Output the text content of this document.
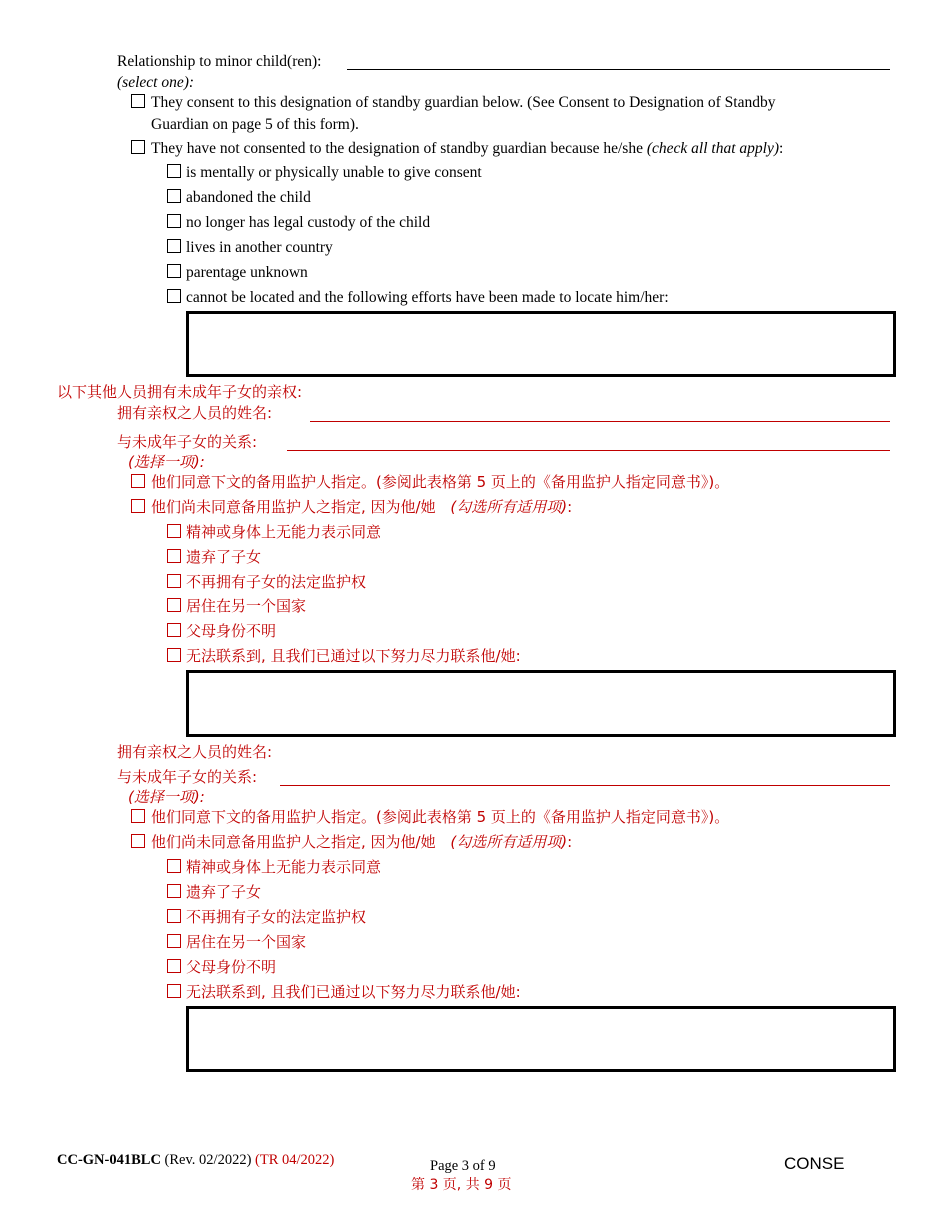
Relationship to minor child(ren):
(select one):
They consent to this designation of standby guardian below. (See Consent to Designation of Standby
Guardian on page 5 of this form).
They have not consented to the designation of standby guardian because he/she (check all that apply):
is mentally or physically unable to give consent
abandoned the child
no longer has legal custody of the child
lives in another country
parentage unknown
cannot be located and the following efforts have been made to locate him/her:
以下其他人员拥有未成年子女的亲权:
拥有亲权之人员的姓名:
与未成年子女的关系:
(选择一项):
他们同意下文的备用监护人指定。(参阅此表格第 5 页上的《备用监护人指定同意书》)。
他们尚未同意备用监护人之指定, 因为他/她 (勾选所有适用项):
精神或身体上无能力表示同意
遗弃了子女
不再拥有子女的法定监护权
居住在另一个国家
父母身份不明
无法联系到, 且我们已通过以下努力尽力联系他/她:
拥有亲权之人员的姓名:
与未成年子女的关系:
(选择一项):
他们同意下文的备用监护人指定。(参阅此表格第 5 页上的《备用监护人指定同意书》)。
他们尚未同意备用监护人之指定, 因为他/她 (勾选所有适用项):
精神或身体上无能力表示同意
遗弃了子女
不再拥有子女的法定监护权
居住在另一个国家
父母身份不明
无法联系到, 且我们已通过以下努力尽力联系他/她:
CC-GN-041BLC (Rev. 02/2022) (TR 04/2022)	Page 3 of 9
第 3 页, 共 9 页
CONSE
